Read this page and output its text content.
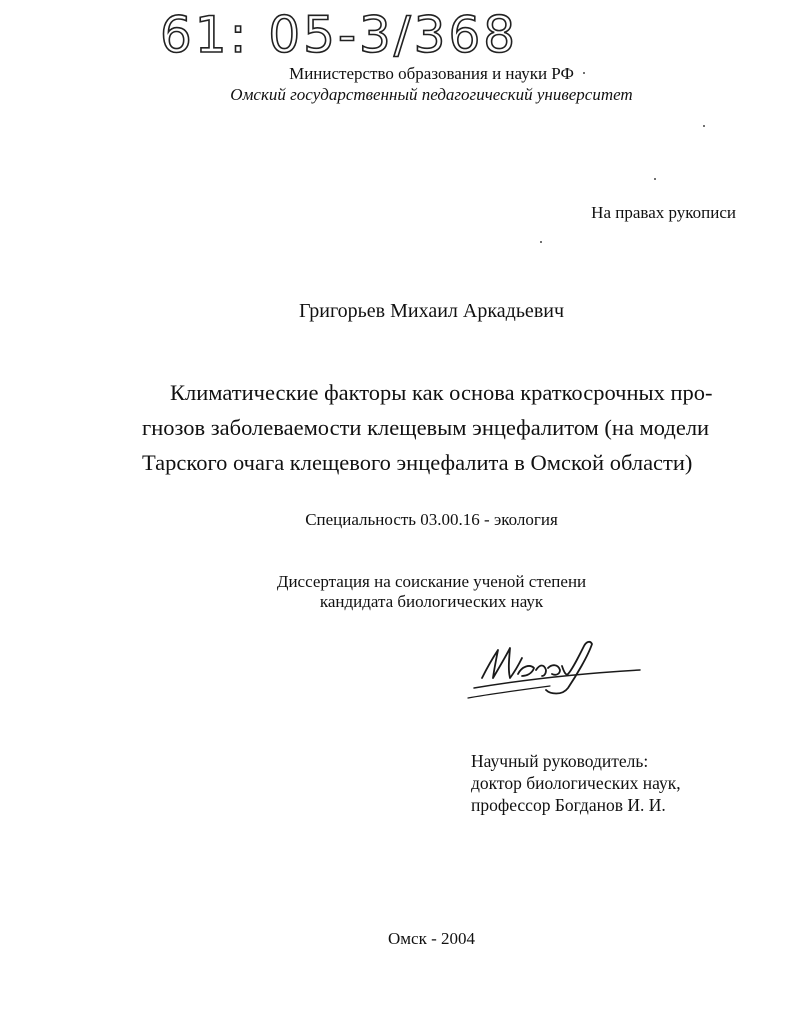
61: 05-3/368
Министерство образования и науки РФ
Омский государственный педагогический университет
На правах рукописи
Григорьев Михаил Аркадьевич
Климатические факторы как основа краткосрочных про-
гнозов заболеваемости клещевым энцефалитом (на модели
Тарского очага клещевого энцефалита в Омской области)
Специальность 03.00.16 - экология
Диссертация на соискание ученой степени
кандидата биологических наук
Научный руководитель:
доктор биологических наук,
профессор Богданов И. И.
Омск - 2004
